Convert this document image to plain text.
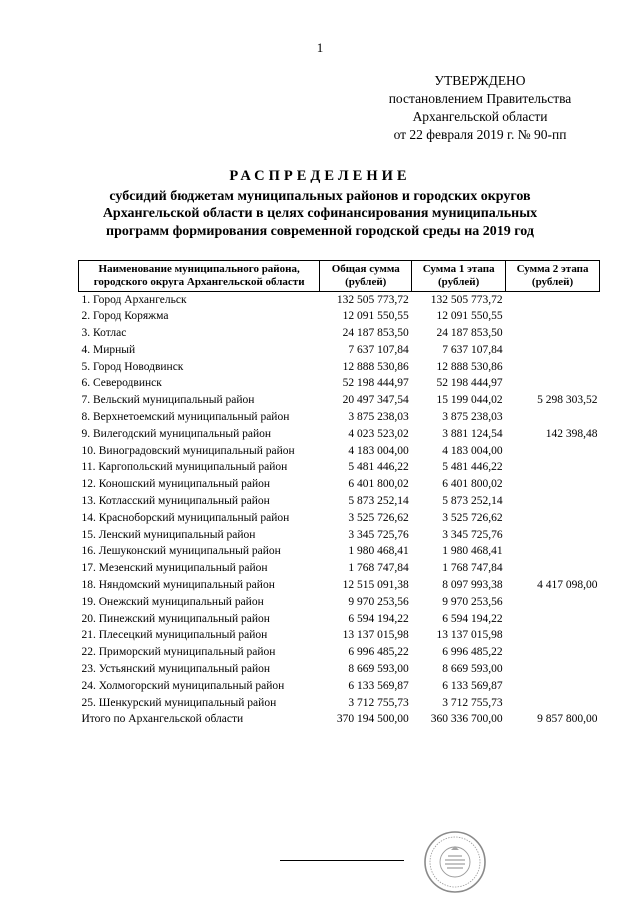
1
УТВЕРЖДЕНО
постановлением Правительства
Архангельской области
от 22 февраля 2019 г. № 90-пп
РАСПРЕДЕЛЕНИЕ
субсидий бюджетам муниципальных районов и городских округов Архангельской области в целях софинансирования муниципальных программ формирования современной городской среды на 2019 год
Наименование муниципального района, городского округа Архангельской области	Общая сумма (рублей)	Сумма 1 этапа (рублей)	Сумма 2 этапа (рублей)
1. Город Архангельск	132 505 773,72	132 505 773,72	
2. Город Коряжма	12 091 550,55	12 091 550,55	
3. Котлас	24 187 853,50	24 187 853,50	
4. Мирный	7 637 107,84	7 637 107,84	
5. Город Новодвинск	12 888 530,86	12 888 530,86	
6. Северодвинск	52 198 444,97	52 198 444,97	
7. Вельский муниципальный район	20 497 347,54	15 199 044,02	5 298 303,52
8. Верхнетоемский муниципальный район	3 875 238,03	3 875 238,03	
9. Вилегодский муниципальный район	4 023 523,02	3 881 124,54	142 398,48
10. Виноградовский муниципальный район	4 183 004,00	4 183 004,00	
11. Каргопольский муниципальный район	5 481 446,22	5 481 446,22	
12. Коношский муниципальный район	6 401 800,02	6 401 800,02	
13. Котласский муниципальный район	5 873 252,14	5 873 252,14	
14. Красноборский муниципальный район	3 525 726,62	3 525 726,62	
15. Ленский муниципальный район	3 345 725,76	3 345 725,76	
16. Лешуконский муниципальный район	1 980 468,41	1 980 468,41	
17. Мезенский муниципальный район	1 768 747,84	1 768 747,84	
18. Няндомский муниципальный район	12 515 091,38	8 097 993,38	4 417 098,00
19. Онежский муниципальный район	9 970 253,56	9 970 253,56	
20. Пинежский муниципальный район	6 594 194,22	6 594 194,22	
21. Плесецкий муниципальный район	13 137 015,98	13 137 015,98	
22. Приморский муниципальный район	6 996 485,22	6 996 485,22	
23. Устьянский муниципальный район	8 669 593,00	8 669 593,00	
24. Холмогорский муниципальный район	6 133 569,87	6 133 569,87	
25. Шенкурский муниципальный район	3 712 755,73	3 712 755,73	
Итого по Архангельской области	370 194 500,00	360 336 700,00	9 857 800,00
